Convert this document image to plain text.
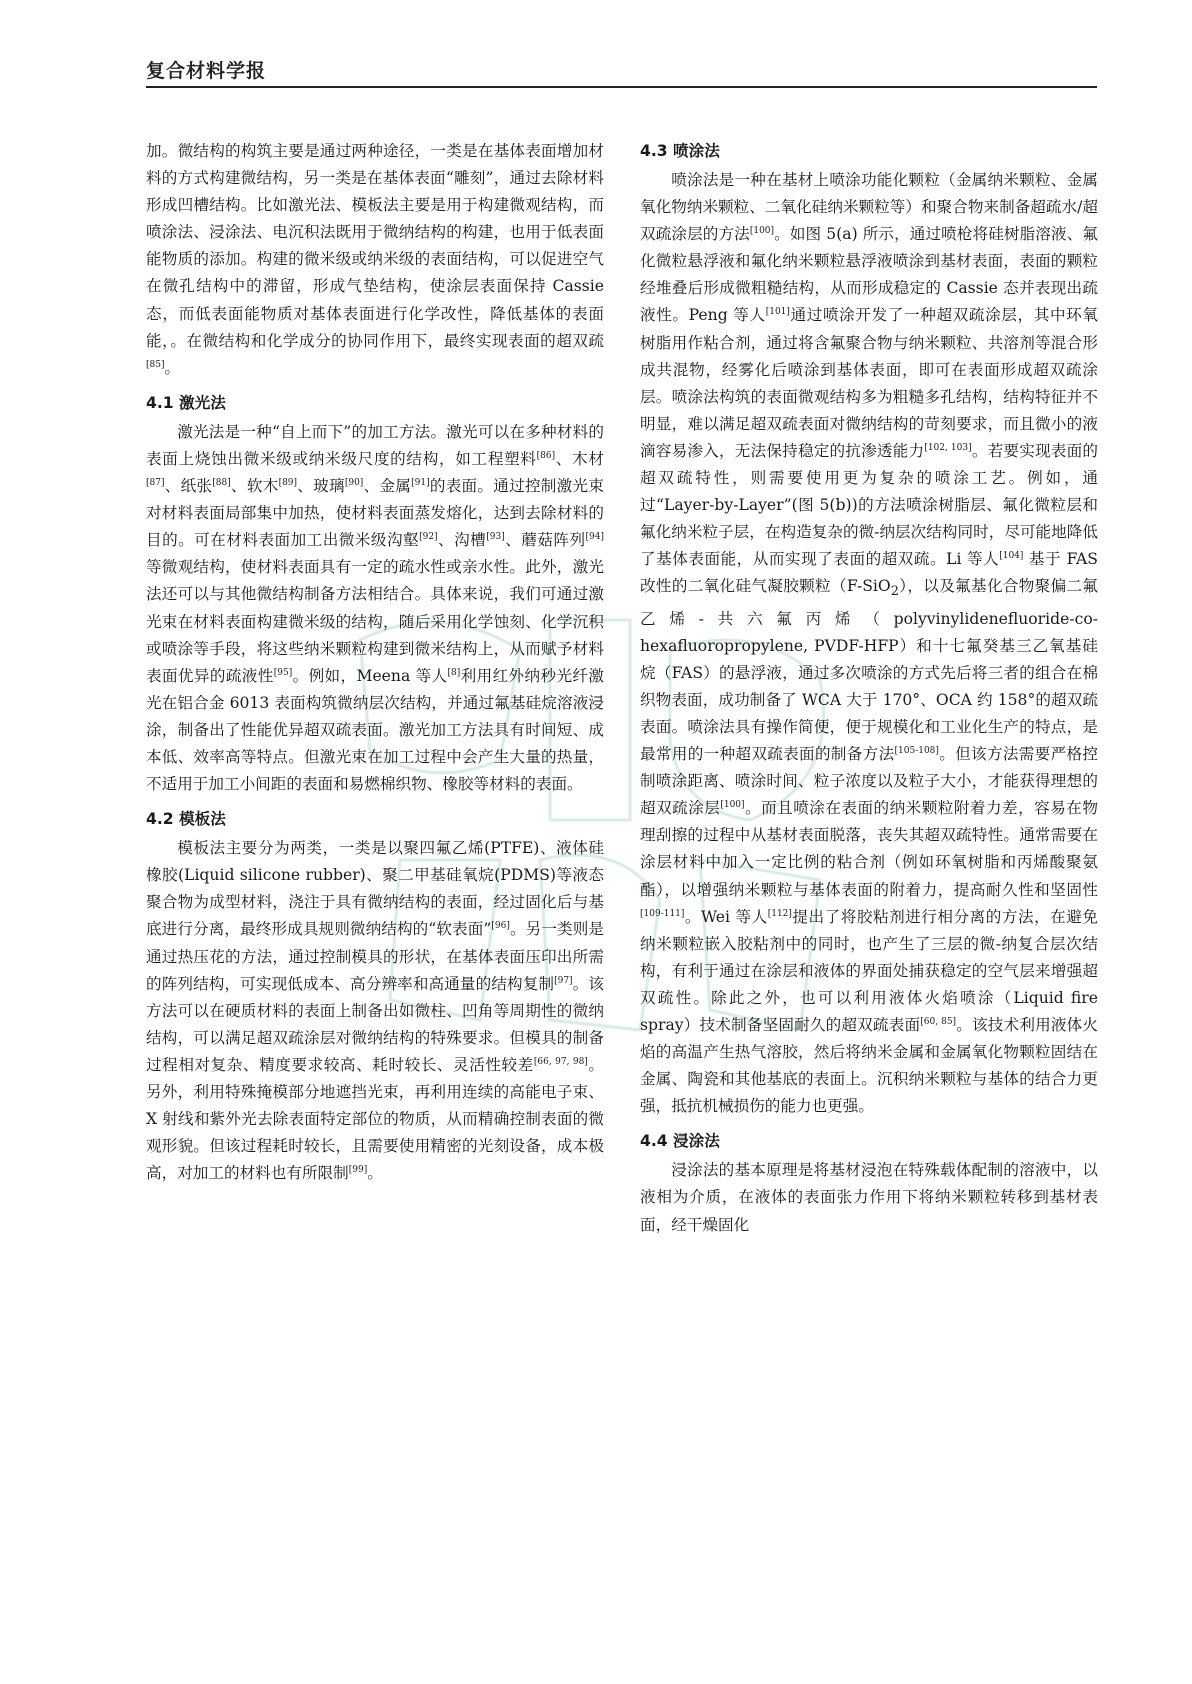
复合材料学报

加。微结构的构筑主要是通过两种途径，一类是在基体表面增加材料的方式构建微结构，另一类是在基体表面“雕刻”，通过去除材料形成凹槽结构。比如激光法、模板法主要是用于构建微观结构，而喷涂法、浸涂法、电沉积法既用于微纳结构的构建，也用于低表面能物质的添加。构建的微米级或纳米级的表面结构，可以促进空气在微孔结构中的滞留，形成气垫结构，使涂层表面保持 Cassie 态，而低表面能物质对基体表面进行化学改性，降低基体的表面能，。在微结构和化学成分的协同作用下，最终实现表面的超双疏[85]。

4.1 激光法

激光法是一种“自上而下”的加工方法。激光可以在多种材料的表面上烧蚀出微米级或纳米级尺度的结构，如工程塑料[86]、木材[87]、纸张[88]、软木[89]、玻璃[90]、金属[91]的表面。通过控制激光束对材料表面局部集中加热，使材料表面蒸发熔化，达到去除材料的目的。可在材料表面加工出微米级沟壑[92]、沟槽[93]、蘑菇阵列[94]等微观结构，使材料表面具有一定的疏水性或亲水性。此外，激光法还可以与其他微结构制备方法相结合。具体来说，我们可通过激光束在材料表面构建微米级的结构，随后采用化学蚀刻、化学沉积或喷涂等手段，将这些纳米颗粒构建到微米结构上，从而赋予材料表面优异的疏液性[95]。例如，Meena 等人[8]利用红外纳秒光纤激光在铝合金 6013 表面构筑微纳层次结构，并通过氟基硅烷溶液浸涂，制备出了性能优异超双疏表面。激光加工方法具有时间短、成本低、效率高等特点。但激光束在加工过程中会产生大量的热量，不适用于加工小间距的表面和易燃棉织物、橡胶等材料的表面。

4.2 模板法

模板法主要分为两类，一类是以聚四氟乙烯(PTFE)、液体硅橡胶(Liquid silicone rubber)、聚二甲基硅氧烷(PDMS)等液态聚合物为成型材料，浇注于具有微纳结构的表面，经过固化后与基底进行分离，最终形成具规则微纳结构的“软表面”[96]。另一类则是通过热压花的方法，通过控制模具的形状，在基体表面压印出所需的阵列结构，可实现低成本、高分辨率和高通量的结构复制[97]。该方法可以在硬质材料的表面上制备出如微柱、凹角等周期性的微纳结构，可以满足超双疏涂层对微纳结构的特殊要求。但模具的制备过程相对复杂、精度要求较高、耗时较长、灵活性较差[66, 97, 98]。另外，利用特殊掩模部分地遮挡光束，再利用连续的高能电子束、X 射线和紫外光去除表面特定部位的物质，从而精确控制表面的微观形貌。但该过程耗时较长，且需要使用精密的光刻设备，成本极高，对加工的材料也有所限制[99]。

4.3 喷涂法

喷涂法是一种在基材上喷涂功能化颗粒（金属纳米颗粒、金属氧化物纳米颗粒、二氧化硅纳米颗粒等）和聚合物来制备超疏水/超双疏涂层的方法[100]。如图 5(a) 所示，通过喷枪将硅树脂溶液、氟化微粒悬浮液和氟化纳米颗粒悬浮液喷涂到基材表面，表面的颗粒经堆叠后形成微粗糙结构，从而形成稳定的 Cassie 态并表现出疏液性。Peng 等人[101]通过喷涂开发了一种超双疏涂层，其中环氧树脂用作粘合剂，通过将含氟聚合物与纳米颗粒、共溶剂等混合形成共混物，经雾化后喷涂到基体表面，即可在表面形成超双疏涂层。喷涂法构筑的表面微观结构多为粗糙多孔结构，结构特征并不明显，难以满足超双疏表面对微纳结构的苛刻要求，而且微小的液滴容易渗入，无法保持稳定的抗渗透能力[102, 103]。若要实现表面的超双疏特性，则需要使用更为复杂的喷涂工艺。例如，通过“Layer-by-Layer”(图 5(b))的方法喷涂树脂层、氟化微粒层和氟化纳米粒子层，在构造复杂的微-纳层次结构同时，尽可能地降低了基体表面能，从而实现了表面的超双疏。Li 等人[104] 基于 FAS 改性的二氧化硅气凝胶颗粒（F-SiO$_2$），以及氟基化合物聚偏二氟乙烯-共六氟丙烯（polyvinylidenefluoride-co-hexafluoropropylene, PVDF-HFP）和十七氟癸基三乙氧基硅烷（FAS）的悬浮液，通过多次喷涂的方式先后将三者的组合在棉织物表面，成功制备了 WCA 大于 170°、OCA 约 158°的超双疏表面。喷涂法具有操作简便，便于规模化和工业化生产的特点，是最常用的一种超双疏表面的制备方法[105-108]。但该方法需要严格控制喷涂距离、喷涂时间、粒子浓度以及粒子大小，才能获得理想的超双疏涂层[100]。而且喷涂在表面的纳米颗粒附着力差，容易在物理刮擦的过程中从基材表面脱落，丧失其超双疏特性。通常需要在涂层材料中加入一定比例的粘合剂（例如环氧树脂和丙烯酸聚氨酯），以增强纳米颗粒与基体表面的附着力，提高耐久性和坚固性[109-111]。Wei 等人[112]提出了将胶粘剂进行相分离的方法，在避免纳米颗粒嵌入胶粘剂中的同时，也产生了三层的微-纳复合层次结构，有利于通过在涂层和液体的界面处捕获稳定的空气层来增强超双疏性。除此之外，也可以利用液体火焰喷涂（Liquid fire spray）技术制备坚固耐久的超双疏表面[60, 85]。该技术利用液体火焰的高温产生热气溶胶，然后将纳米金属和金属氧化物颗粒固结在金属、陶瓷和其他基底的表面上。沉积纳米颗粒与基体的结合力更强，抵抗机械损伤的能力也更强。

4.4 浸涂法

浸涂法的基本原理是将基材浸泡在特殊载体配制的溶液中，以液相为介质，在液体的表面张力作用下将纳米颗粒转移到基材表面，经干燥固化
